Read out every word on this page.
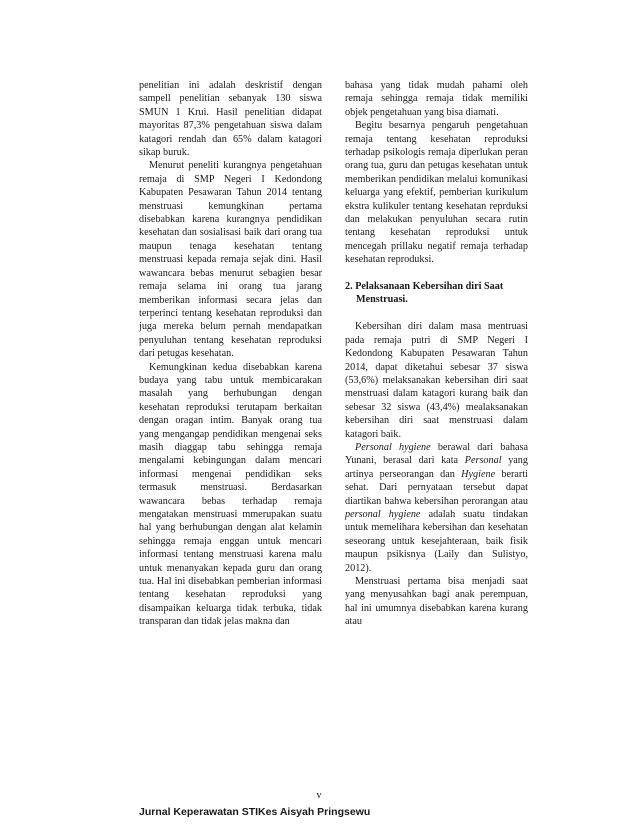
penelitian ini adalah deskristif dengan sampell penelitian sebanyak 130 siswa SMUN 1 Krui. Hasil penelitian didapat mayoritas 87,3% pengetahuan siswa dalam katagori rendah dan 65% dalam katagori sikap buruk.

Menurut peneliti kurangnya pengetahuan remaja di SMP Negeri I Kedondong Kabupaten Pesawaran Tahun 2014 tentang menstruasi kemungkinan pertama disebabkan karena kurangnya pendidikan kesehatan dan sosialisasi baik dari orang tua maupun tenaga kesehatan tentang menstruasi kepada remaja sejak dini. Hasil wawancara bebas menurut sebagien besar remaja selama ini orang tua jarang memberikan informasi secara jelas dan terperinci tentang kesehatan reproduksi dan juga mereka belum pernah mendapatkan penyuluhan tentang kesehatan reproduksi dari petugas kesehatan.

Kemungkinan kedua disebabkan karena budaya yang tabu untuk membicarakan masalah yang berhubungan dengan kesehatan reproduksi terutapam berkaitan dengan oragan intim. Banyak orang tua yang mengangap pendidikan mengenai seks masih diaggap tabu sehingga remaja mengalami kebingungan dalam mencari informasi mengenai pendidikan seks termasuk menstruasi. Berdasarkan wawancara bebas terhadap remaja mengatakan menstruasi mmerupakan suatu hal yang berhubungan dengan alat kelamin sehingga remaja enggan untuk mencari informasi tentang menstruasi karena malu untuk menanyakan kepada guru dan orang tua. Hal ini disebabkan pemberian informasi tentang kesehatan reproduksi yang disampaikan keluarga tidak terbuka, tidak transparan dan tidak jelas makna dan

bahasa yang tidak mudah pahami oleh remaja sehingga remaja tidak memiliki objek pengetahuan yang bisa diamati.

Begitu besarnya pengaruh pengetahuan remaja tentang kesehatan reproduksi terhadap psikologis remaja diperlukan peran orang tua, guru dan petugas kesehatan untuk memberikan pendidikan melalui komunikasi keluarga yang efektif, pemberian kurikulum ekstra kulikuler tentang kesehatan reprduksi dan melakukan penyuluhan secara rutin tentang kesehatan reproduksi untuk mencegah prillaku negatif remaja terhadap kesehatan reproduksi.

2. Pelaksanaan Kebersihan diri Saat Menstruasi.

Kebersihan diri dalam masa mentruasi pada remaja putri di SMP Negeri I Kedondong Kabupaten Pesawaran Tahun 2014, dapat diketahui sebesar 37 siswa (53,6%) melaksanakan kebersihan diri saat menstruasi dalam katagori kurang baik dan sebesar 32 siswa (43,4%) mealaksanakan kebersihan diri saat menstruasi dalam katagori baik.

Personal hygiene berawal dari bahasa Yunani, berasal dari kata Personal yang artinya perseorangan dan Hygiene berarti sehat. Dari pernyataan tersebut dapat diartikan bahwa kebersihan perorangan atau personal hygiene adalah suatu tindakan untuk memelihara kebersihan dan kesehatan seseorang untuk kesejahteraan, baik fisik maupun psikisnya (Laily dan Sulistyo, 2012).

Menstruasi pertama bisa menjadi saat yang menyusahkan bagi anak perempuan, hal ini umumnya disebabkan karena kurang atau

v
Jurnal Keperawatan STIKes Aisyah Pringsewu
